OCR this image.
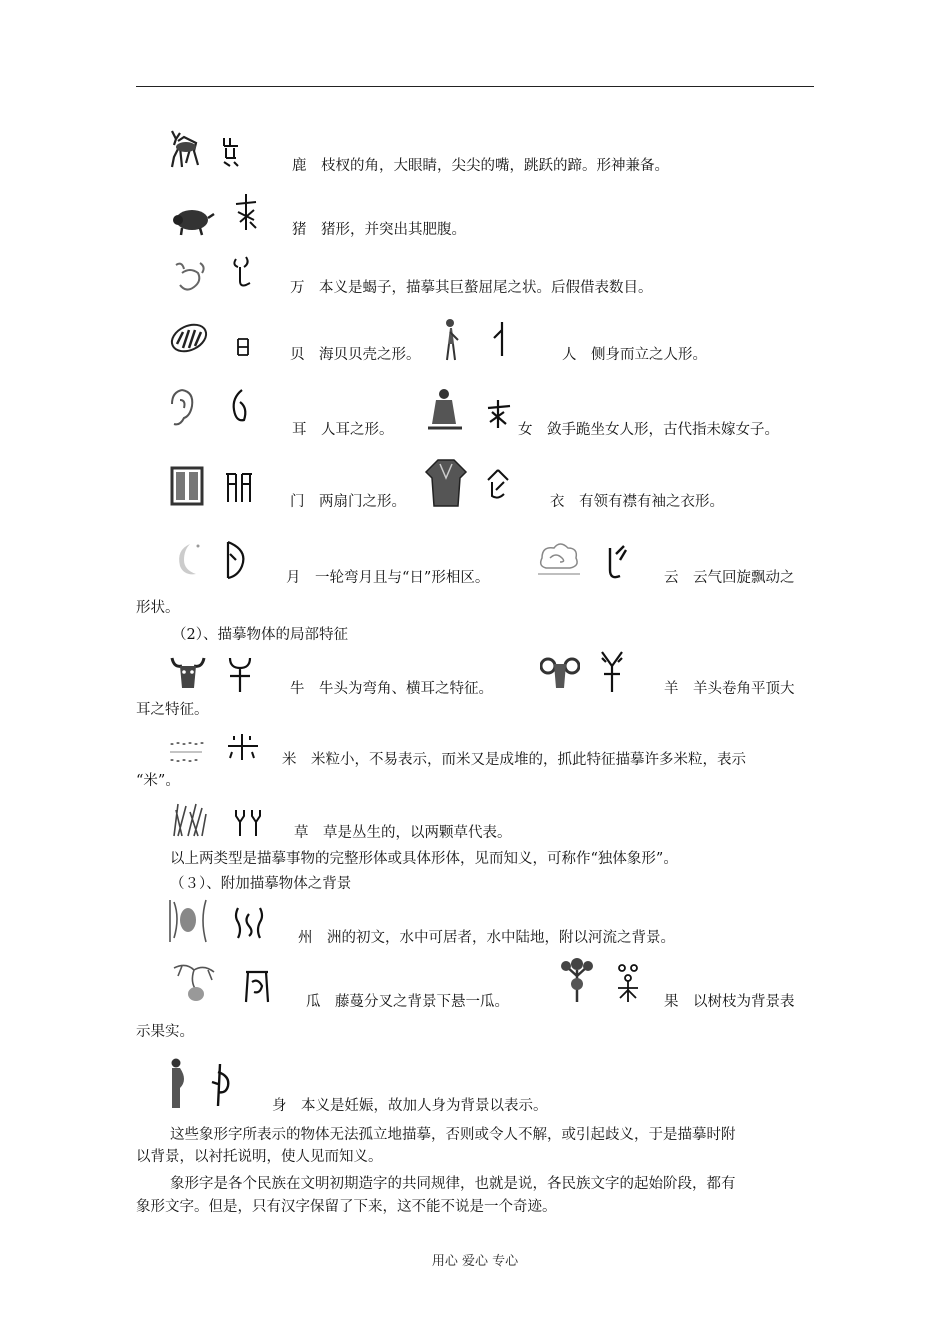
鹿　枝杈的角，大眼睛，尖尖的嘴，跳跃的蹄。形神兼备。
猪　猪形，并突出其肥腹。
万　本义是蝎子，描摹其巨螯屈尾之状。后假借表数目。
贝　海贝贝壳之形。	人　侧身而立之人形。
耳　人耳之形。	女　敛手跪坐女人形，古代指未嫁女子。
门　两扇门之形。	衣　有领有襟有袖之衣形。
月　一轮弯月且与“日”形相区。	云　云气回旋飘动之
形状。
（2）、描摹物体的局部特征
牛　牛头为弯角、横耳之特征。	羊　羊头卷角平顶大
耳之特征。
米　米粒小，不易表示，而米又是成堆的，抓此特征描摹许多米粒，表示
“米”。
草　草是丛生的，以两颗草代表。
以上两类型是描摹事物的完整形体或具体形体，见而知义，可称作“独体象形”。
（３）、附加描摹物体之背景
州　洲的初文，水中可居者，水中陆地，附以河流之背景。
瓜　藤蔓分叉之背景下悬一瓜。	果　以树枝为背景表
示果实。
身　本义是妊娠，故加人身为背景以表示。
这些象形字所表示的物体无法孤立地描摹，否则或令人不解，或引起歧义，于是描摹时附
以背景，以衬托说明，使人见而知义。
象形字是各个民族在文明初期造字的共同规律，也就是说，各民族文字的起始阶段，都有
象形文字。但是，只有汉字保留了下来，这不能不说是一个奇迹。
用心 爱心 专心
